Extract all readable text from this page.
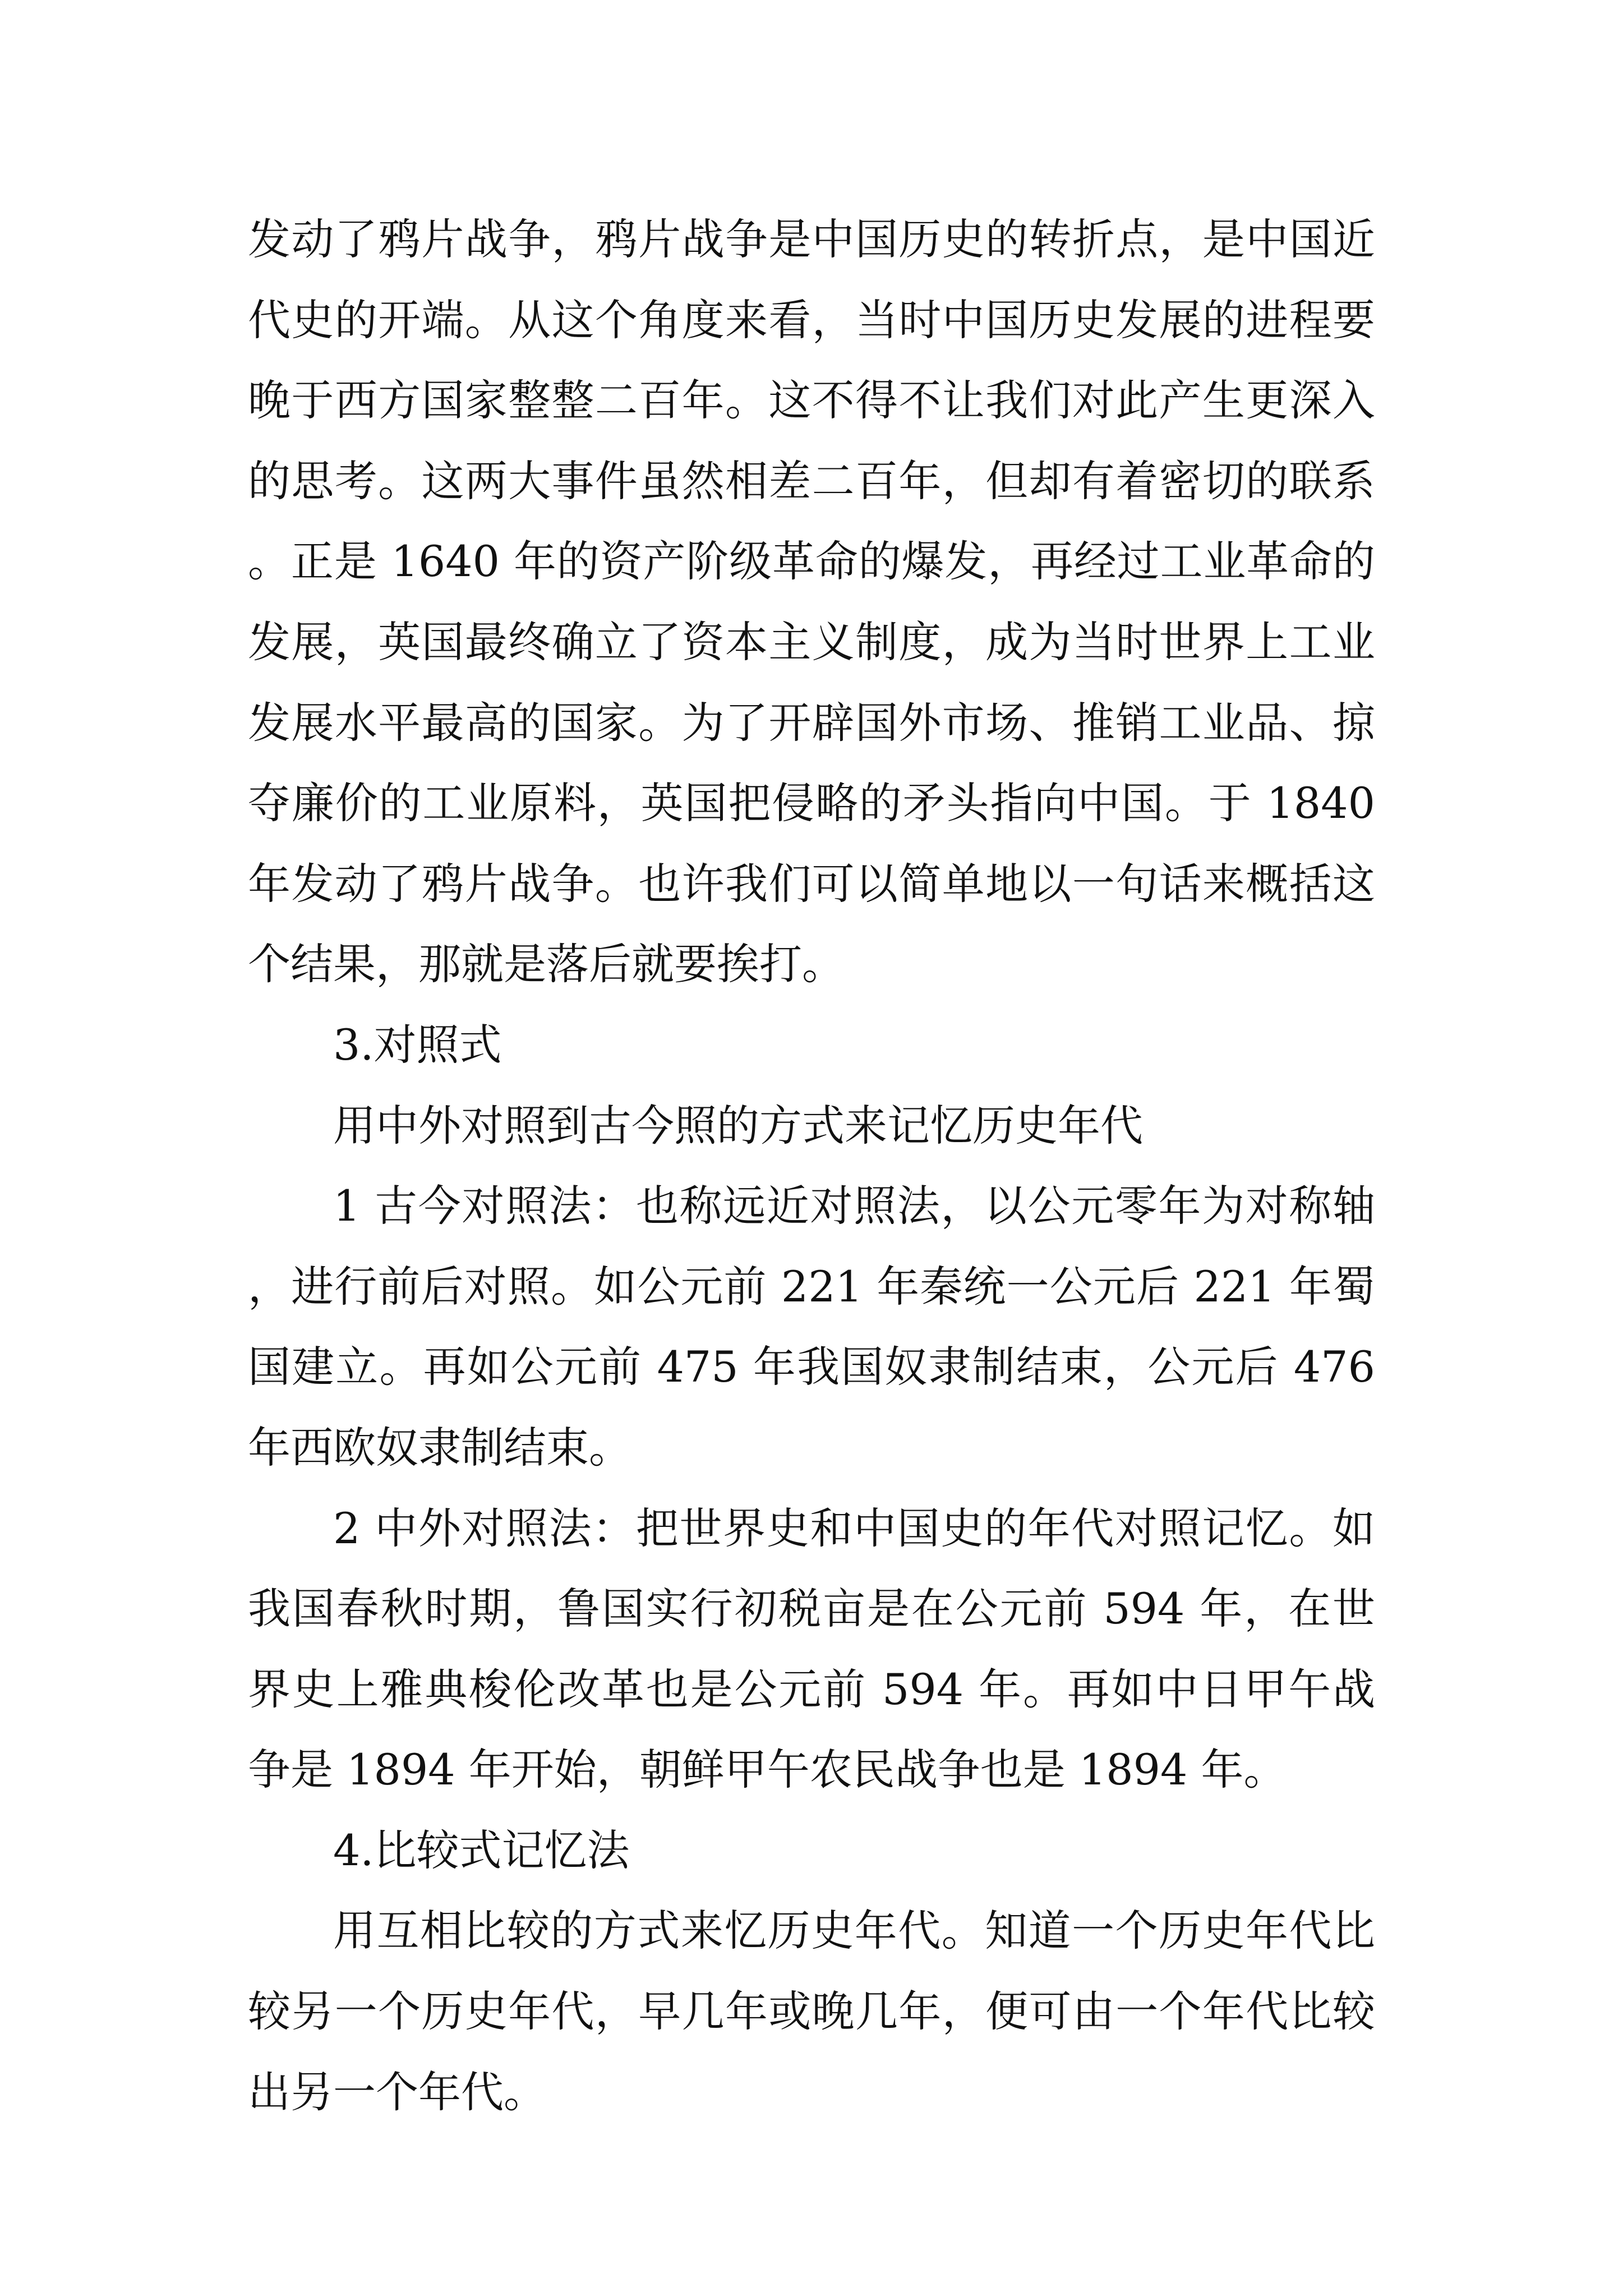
发动了鸦片战争，鸦片战争是中国历史的转折点，是中国近代史的开端。从这个角度来看，当时中国历史发展的进程要晚于西方国家整整二百年。这不得不让我们对此产生更深入的思考。这两大事件虽然相差二百年，但却有着密切的联系。正是 1640 年的资产阶级革命的爆发，再经过工业革命的发展，英国最终确立了资本主义制度，成为当时世界上工业发展水平最高的国家。为了开辟国外市场、推销工业品、掠夺廉价的工业原料，英国把侵略的矛头指向中国。于 1840 年发动了鸦片战争。也许我们可以简单地以一句话来概括这个结果，那就是落后就要挨打。

3.对照式

用中外对照到古今照的方式来记忆历史年代

1 古今对照法：也称远近对照法，以公元零年为对称轴，进行前后对照。如公元前 221 年秦统一公元后 221 年蜀国建立。再如公元前 475 年我国奴隶制结束，公元后 476 年西欧奴隶制结束。

2 中外对照法：把世界史和中国史的年代对照记忆。如我国春秋时期，鲁国实行初税亩是在公元前 594 年，在世界史上雅典梭伦改革也是公元前 594 年。再如中日甲午战争是 1894 年开始，朝鲜甲午农民战争也是 1894 年。

4.比较式记忆法

用互相比较的方式来忆历史年代。知道一个历史年代比较另一个历史年代，早几年或晚几年，便可由一个年代比较出另一个年代。
